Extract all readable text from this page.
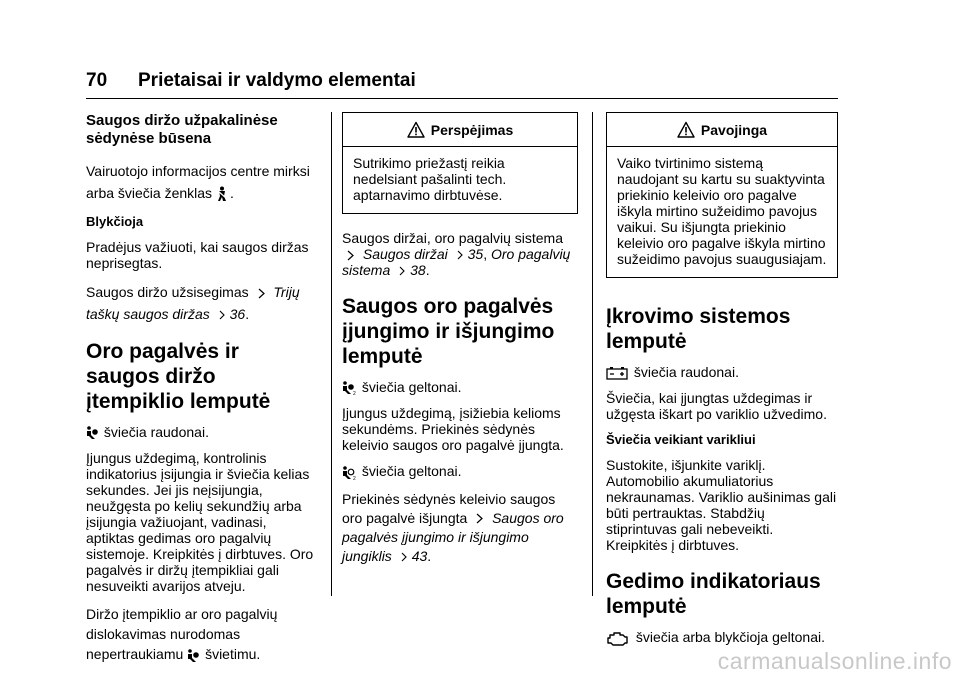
70 Prietaisai ir valdymo elementai
Saugos diržo užpakalinėse sėdynėse būsena

Vairuotojo informacijos centre mirksi arba šviečia ženklas .

Blykčioja

Pradėjus važiuoti, kai saugos diržas neprisegtas.

Saugos diržo užsisegimas Trijų taškų saugos diržas 36.

Oro pagalvės ir saugos diržo įtempiklio lemputė

šviečia raudonai.

Įjungus uždegimą, kontrolinis indikatorius įsijungia ir šviečia kelias sekundes. Jei jis neįsijungia, neužgęsta po kelių sekundžių arba įsijungia važiuojant, vadinasi, aptiktas gedimas oro pagalvių sistemoje. Kreipkitės į dirbtuves. Oro pagalvės ir diržų įtempikliai gali nesuveikti avarijos atveju.

Diržo įtempiklio ar oro pagalvių dislokavimas nurodomas nepertraukiamu švietimu.

Perspėjimas
Sutrikimo priežastį reikia nedelsiant pašalinti tech. aptarnavimo dirbtuvėse.

Saugos diržai, oro pagalvių sistema  Saugos diržai 35, Oro pagalvių sistema 38.

Saugos oro pagalvės įjungimo ir išjungimo lemputė

2 šviečia geltonai.

Įjungus uždegimą, įsižiebia kelioms sekundėms. Priekinės sėdynės keleivio saugos oro pagalvė įjungta.

2 šviečia geltonai.

Priekinės sėdynės keleivio saugos oro pagalvė išjungta Saugos oro pagalvės įjungimo ir išjungimo jungiklis 43.

Pavojinga
Vaiko tvirtinimo sistemą naudojant su kartu su suaktyvinta priekinio keleivio oro pagalve iškyla mirtino sužeidimo pavojus vaikui. Su išjungta priekinio keleivio oro pagalve iškyla mirtino sužeidimo pavojus suaugusiajam.
Įkrovimo sistemos lemputė

šviečia raudonai.

Šviečia, kai įjungtas uždegimas ir užgęsta iškart po variklio užvedimo.

Šviečia veikiant varikliui

Sustokite, išjunkite variklį. Automobilio akumuliatorius nekraunamas. Variklio aušinimas gali būti pertrauktas. Stabdžių stiprintuvas gali nebeveikti. Kreipkitės į dirbtuves.

Gedimo indikatoriaus lemputė

šviečia arba blykčioja geltonai.

carmanualsonline.info
